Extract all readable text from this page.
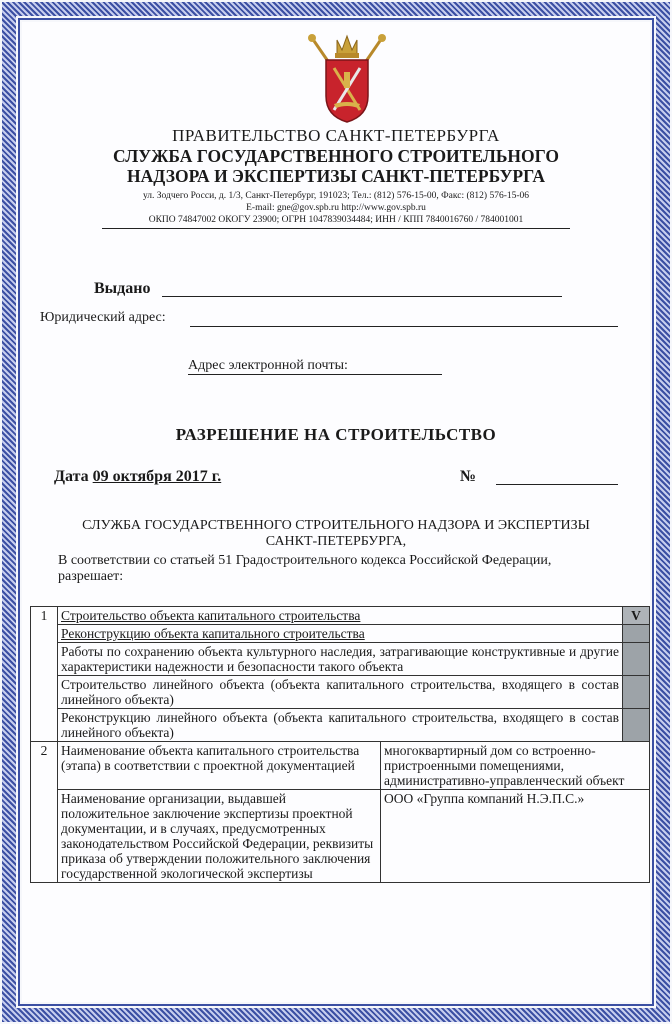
ПРАВИТЕЛЬСТВО САНКТ-ПЕТЕРБУРГА
СЛУЖБА ГОСУДАРСТВЕННОГО СТРОИТЕЛЬНОГО
НАДЗОРА И ЭКСПЕРТИЗЫ САНКТ-ПЕТЕРБУРГА
ул. Зодчего Росси, д. 1/3, Санкт-Петербург, 191023; Тел.: (812) 576-15-00, Факс: (812) 576-15-06
E-mail: gne@gov.spb.ru http://www.gov.spb.ru
ОКПО 74847002 ОКОГУ 23900; ОГРН 1047839034484; ИНН / КПП 7840016760 / 784001001
Выдано
Юридический адрес:
Адрес электронной почты:
РАЗРЕШЕНИЕ НА СТРОИТЕЛЬСТВО
Дата 09 октября 2017 г.	№
СЛУЖБА ГОСУДАРСТВЕННОГО СТРОИТЕЛЬНОГО НАДЗОРА И ЭКСПЕРТИЗЫ
САНКТ-ПЕТЕРБУРГА,
В соответствии со статьей 51 Градостроительного кодекса Российской Федерации, разрешает:
1	Строительство объекта капитального строительства		V
	Реконструкцию объекта капитального строительства		
	Работы по сохранению объекта культурного наследия, затрагивающие конструктивные и другие характеристики надежности и безопасности такого объекта		
	Строительство линейного объекта (объекта капитального строительства, входящего в состав линейного объекта)		
	Реконструкцию линейного объекта (объекта капитального строительства, входящего в состав линейного объекта)		
2	Наименование объекта капитального строительства (этапа) в соответствии с проектной документацией	многоквартирный дом со встроенно-пристроенными помещениями, административно-управленческий объект	
	Наименование организации, выдавшей положительное заключение экспертизы проектной документации, и в случаях, предусмотренных законодательством Российской Федерации, реквизиты приказа об утверждении положительного заключения государственной экологической экспертизы	ООО «Группа компаний Н.Э.П.С.»	
